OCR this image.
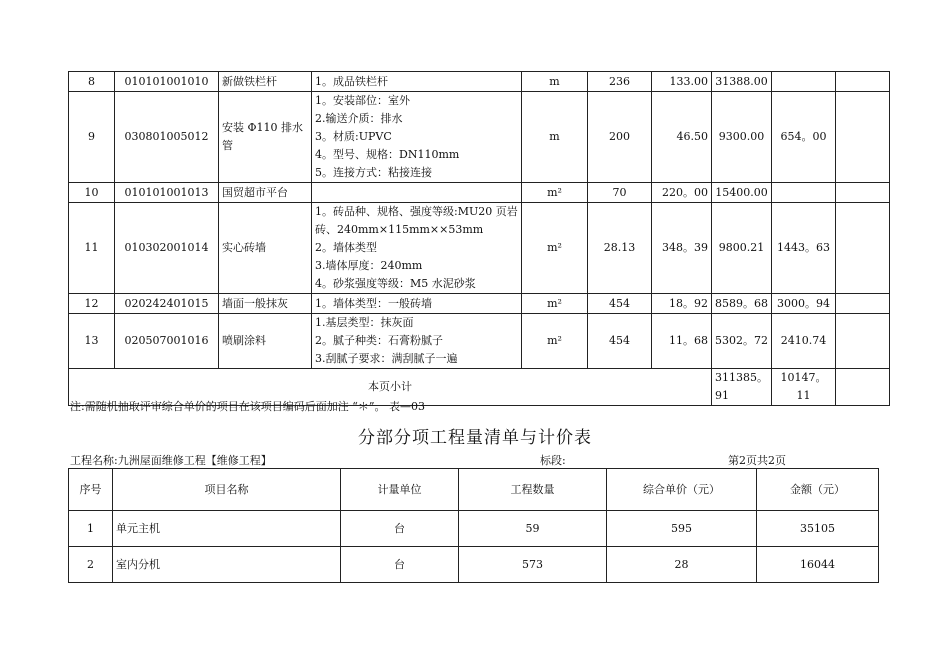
8	010101001010	新做铁栏杆	1。成品铁栏杆	m	236	133.00	31388.00		
9	030801005012	安装 Φ110 排水管	1。安装部位：室外
2.输送介质：排水
3。材质:UPVC
4。型号、规格：DN110mm
5。连接方式：粘接连接	m	200	46.50	9300.00	654。00	
10	010101001013	国贸超市平台		m²	70	220。00	15400.00		
11	010302001014	实心砖墙	1。砖品种、规格、强度等级:MU20 页岩砖、240mm×115mm××53mm
2。墙体类型
3.墙体厚度：240mm
4。砂浆强度等级：M5 水泥砂浆	m²	28.13	348。39	9800.21	1443。63	
12	020242401015	墙面一般抹灰	1。墙体类型：一般砖墙	m²	454	18。92	8589。68	3000。94	
13	020507001016	喷刷涂料	1.基层类型：抹灰面
2。腻子种类：石膏粉腻子
3.刮腻子要求：满刮腻子一遍	m²	454	11。68	5302。72	2410.74	
本页小计							311385。91	10147。11	
注:需随机抽取评审综合单价的项目在该项目编码后面加注 “＊”。 表—03
分部分项工程量清单与计价表
工程名称:九洲屋面维修工程【维修工程】	标段:	第2页共2页
序号	项目名称	计量单位	工程数量	综合单价（元）	金额（元）
1	单元主机	台	59	595	35105
2	室内分机	台	573	28	16044
